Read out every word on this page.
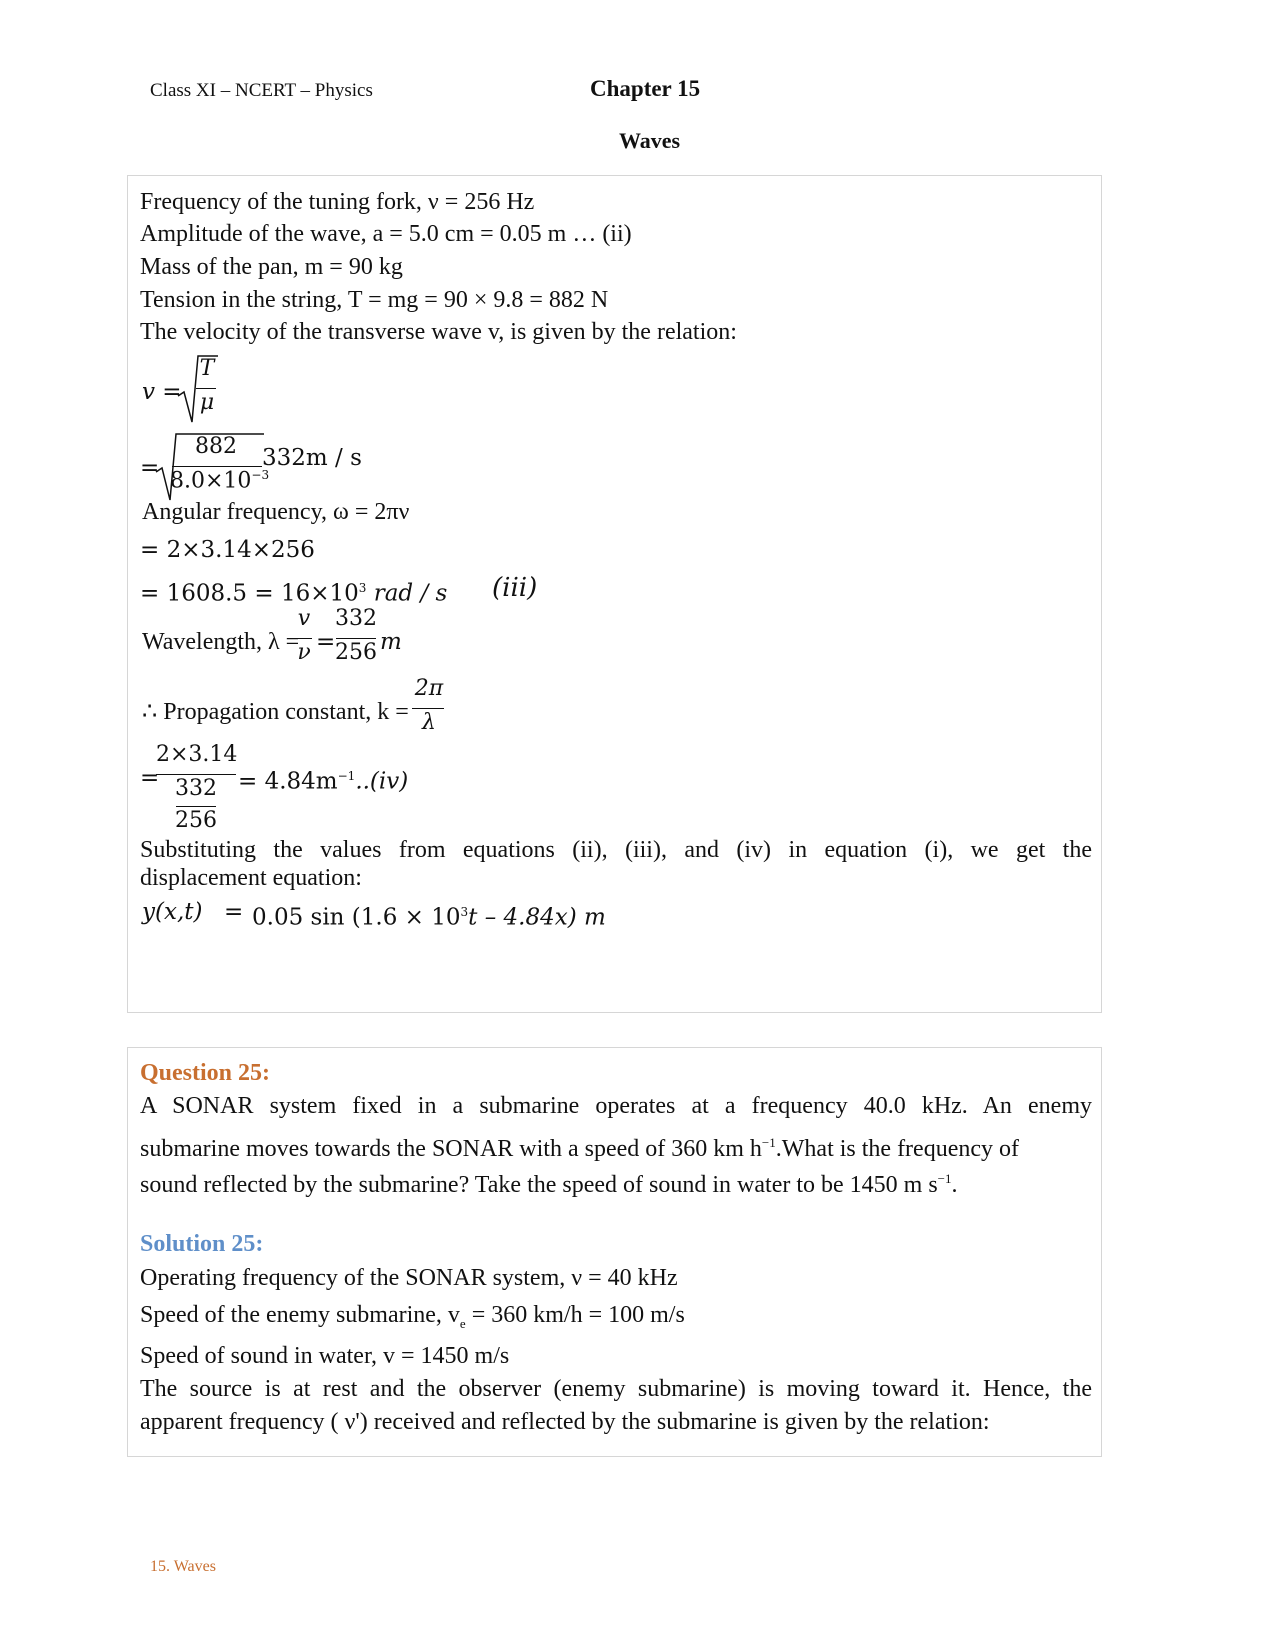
Class XI – NCERT – Physics	Chapter 15
Waves
Frequency of the tuning fork, ν = 256 Hz
Amplitude of the wave, a = 5.0 cm = 0.05 m … (ii)
Mass of the pan, m = 90 kg
Tension in the string, T = mg = 90 × 9.8 = 882 N
The velocity of the transverse wave v, is given by the relation:
v =
T
μ
=
882
$8.0\times 10^{-3}$
332m / s
Angular frequency, ω = 2πν
= 2×3.14×256
= $1608.5 = 16\times 10^3$ rad / s (iii)
Wavelength, λ =
v
ν =
332
256 m
∴ Propagation constant, k =
2π
λ
=
2×3.14
332
256
= $4.84m^{-1}..(iv)$
Substituting the values from equations (ii), (iii), and (iv) in equation (i), we get the
displacement equation:
y(x,t) = 0.05 $\sin (1.6 \times 10^3t - 4.84x)$ m
Question 25:
A SONAR system fixed in a submarine operates at a frequency 40.0 kHz. An enemy
submarine moves towards the SONAR with a speed of 360 km $h^{-1}.What$ is the frequency of
sound reflected by the submarine? Take the speed of sound in water to be 1450 m $s^{-1}$.
Solution 25:
Operating frequency of the SONAR system, ν = 40 kHz
Speed of the enemy submarine, $v_e = 360$ km/h = 100 m/s
Speed of sound in water, v = 1450 m/s
The source is at rest and the observer (enemy submarine) is moving toward it. Hence, the
apparent frequency ( ν') received and reflected by the submarine is given by the relation:
15. Waves
